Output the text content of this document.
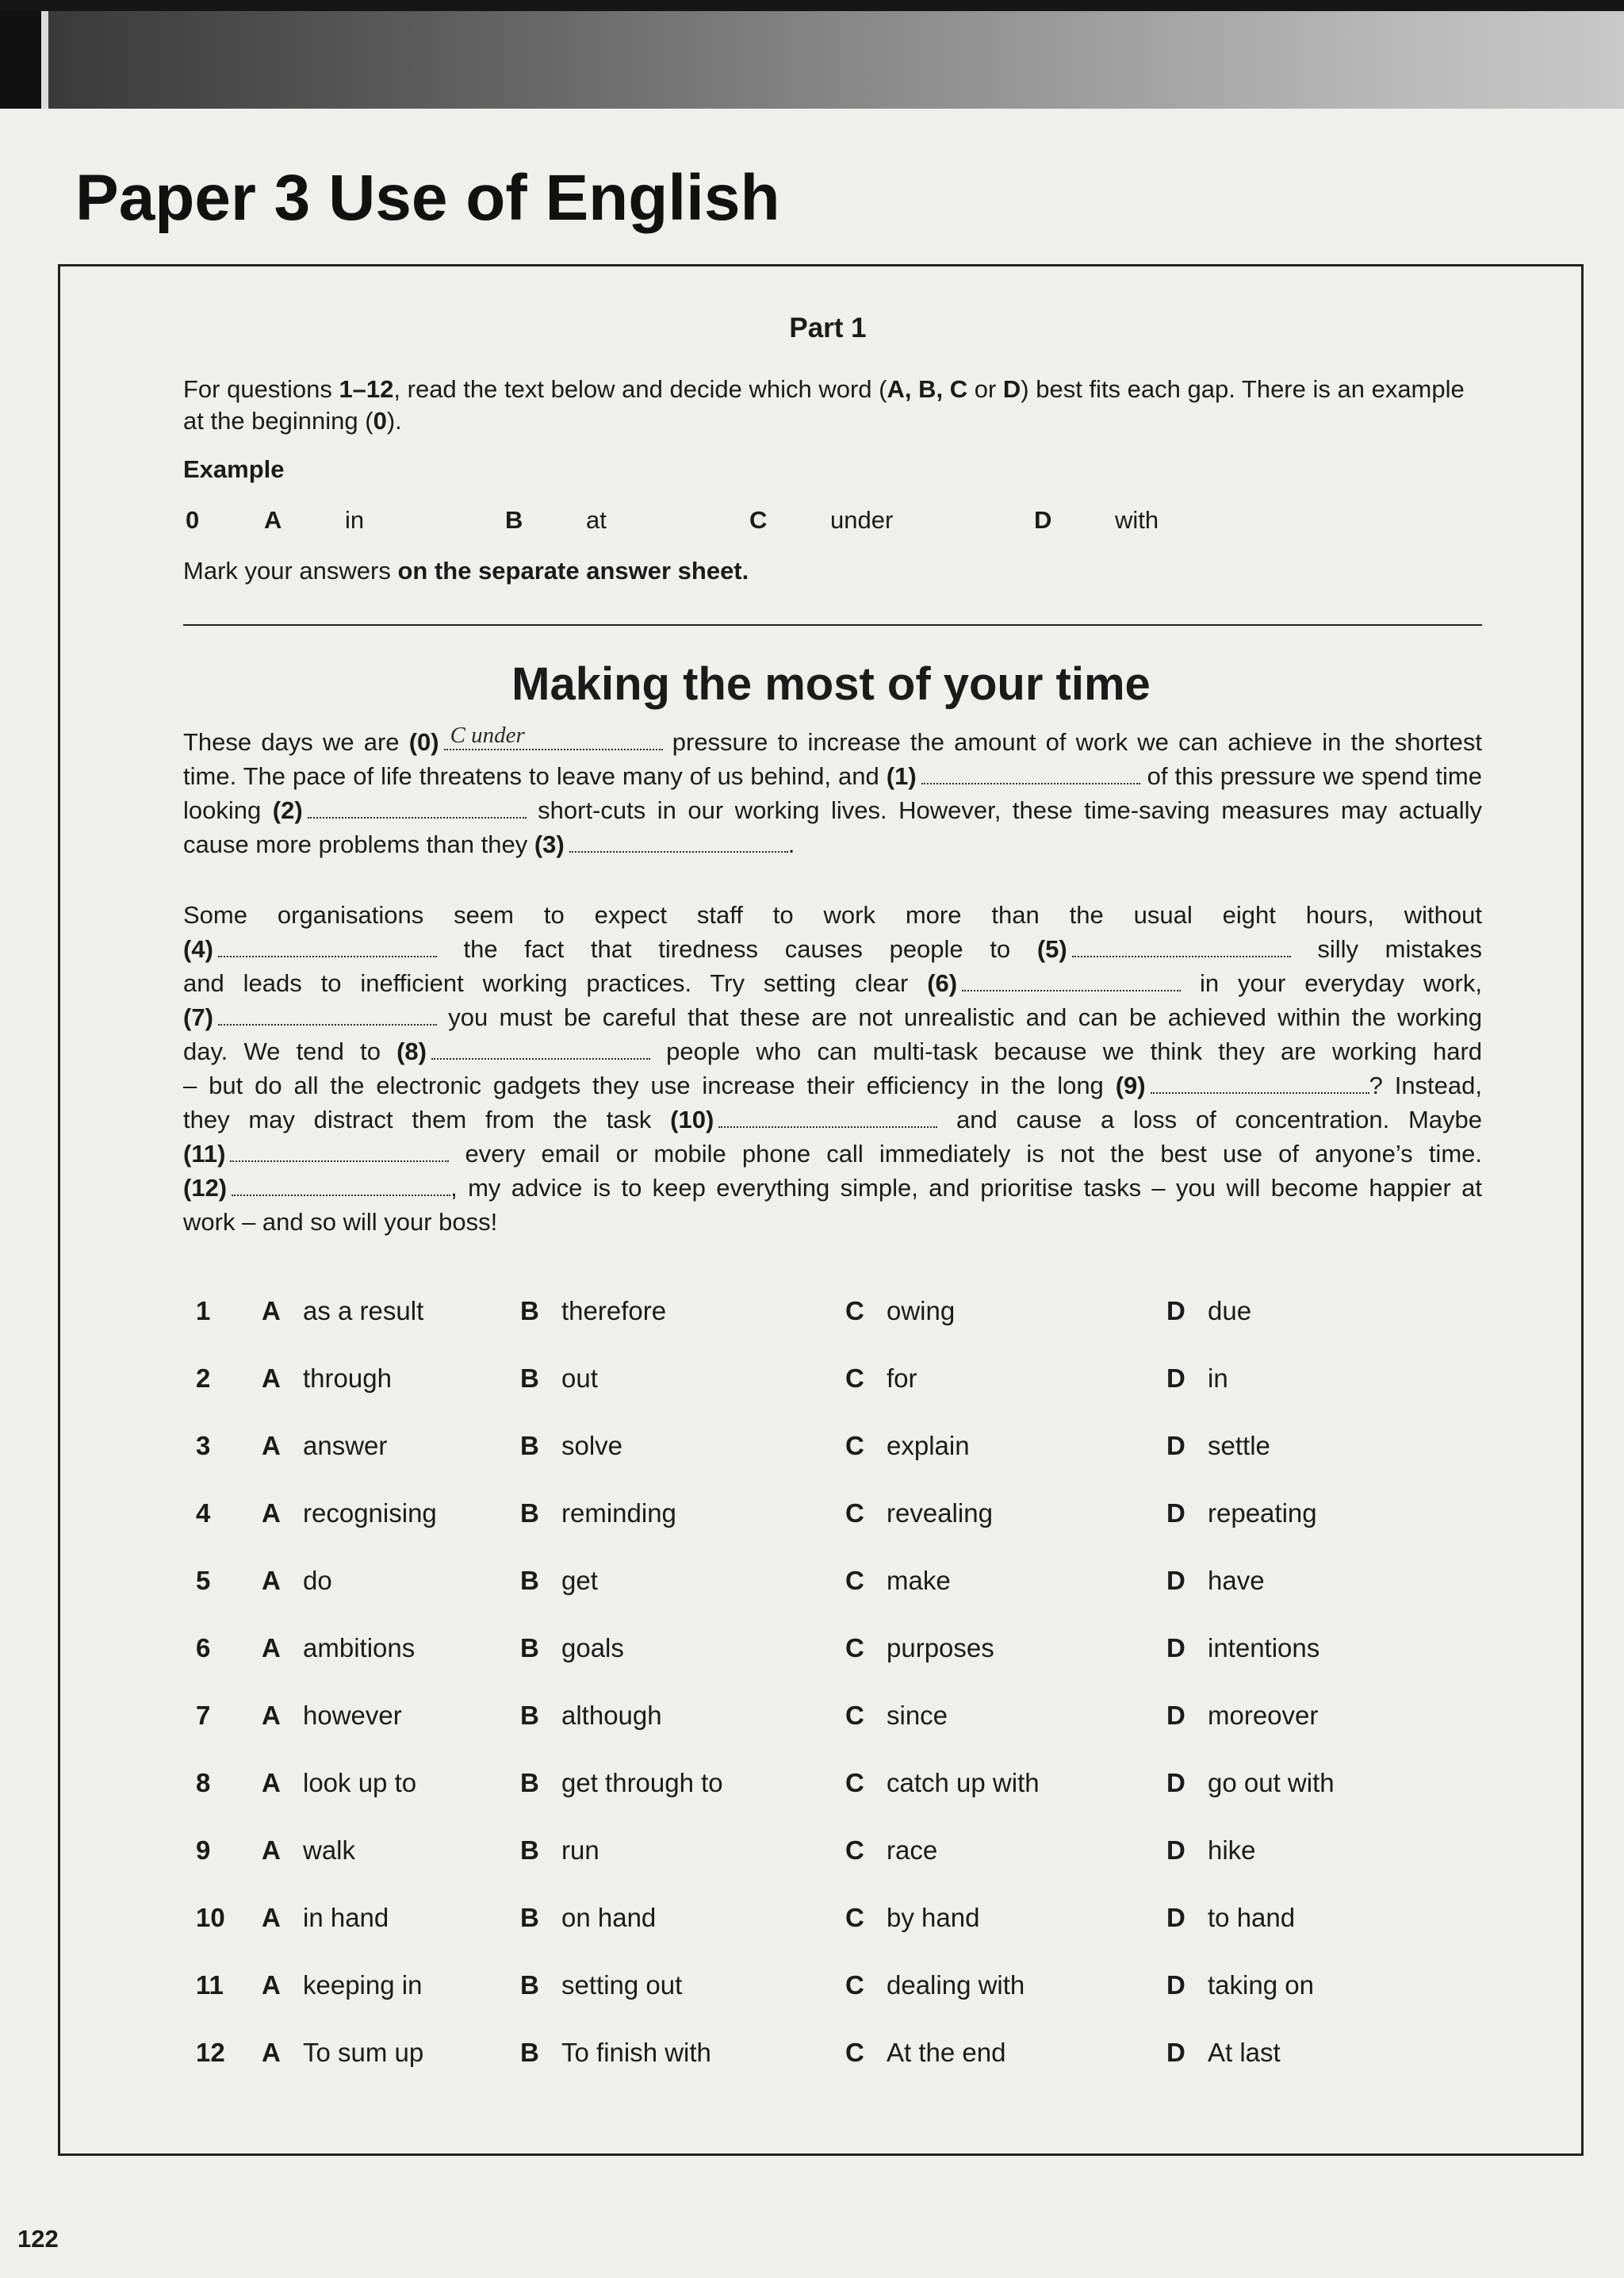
Paper 3 Use of English
Part 1
For questions 1–12, read the text below and decide which word (A, B, C or D) best fits each gap. There is an example at the beginning (0).
Example
0	A	in	B	at	C	under	D	with
Mark your answers on the separate answer sheet.
Making the most of your time
These days we are (0) C under	pressure to increase the amount of work we can achieve in the shortest
time. The pace of life threatens to leave many of us behind, and (1)	of this pressure we spend time
looking (2)	short-cuts in our working lives. However, these time-saving measures may actually
cause more problems than they (3)	.
Some organisations seem to expect staff to work more than the usual eight hours, without
(4)	the fact that tiredness causes people to (5)	silly mistakes
and leads to inefficient working practices. Try setting clear (6)	in your everyday work,
(7)	you must be careful that these are not unrealistic and can be achieved within the working
day. We tend to (8)	people who can multi-task because we think they are working hard
– but do all the electronic gadgets they use increase their efficiency in the long (9)	? Instead,
they may distract them from the task (10)	and cause a loss of concentration. Maybe
(11)	every email or mobile phone call immediately is not the best use of anyone’s time.
(12)	, my advice is to keep everything simple, and prioritise tasks – you will become happier at
work – and so will your boss!
1 A as a result	B therefore	C owing	D due
2 A through	B out	C for	D in
3 A answer	B solve	C explain	D settle
4 A recognising	B reminding	C revealing	D repeating
5 A do	B get	C make	D have
6 A ambitions	B goals	C purposes	D intentions
7 A however	B although	C since	D moreover
8 A look up to	B get through to	C catch up with	D go out with
9 A walk	B run	C race	D hike
10 A in hand	B on hand	C by hand	D to hand
11 A keeping in	B setting out	C dealing with	D taking on
12 A To sum up	B To finish with	C At the end	D At last
122
